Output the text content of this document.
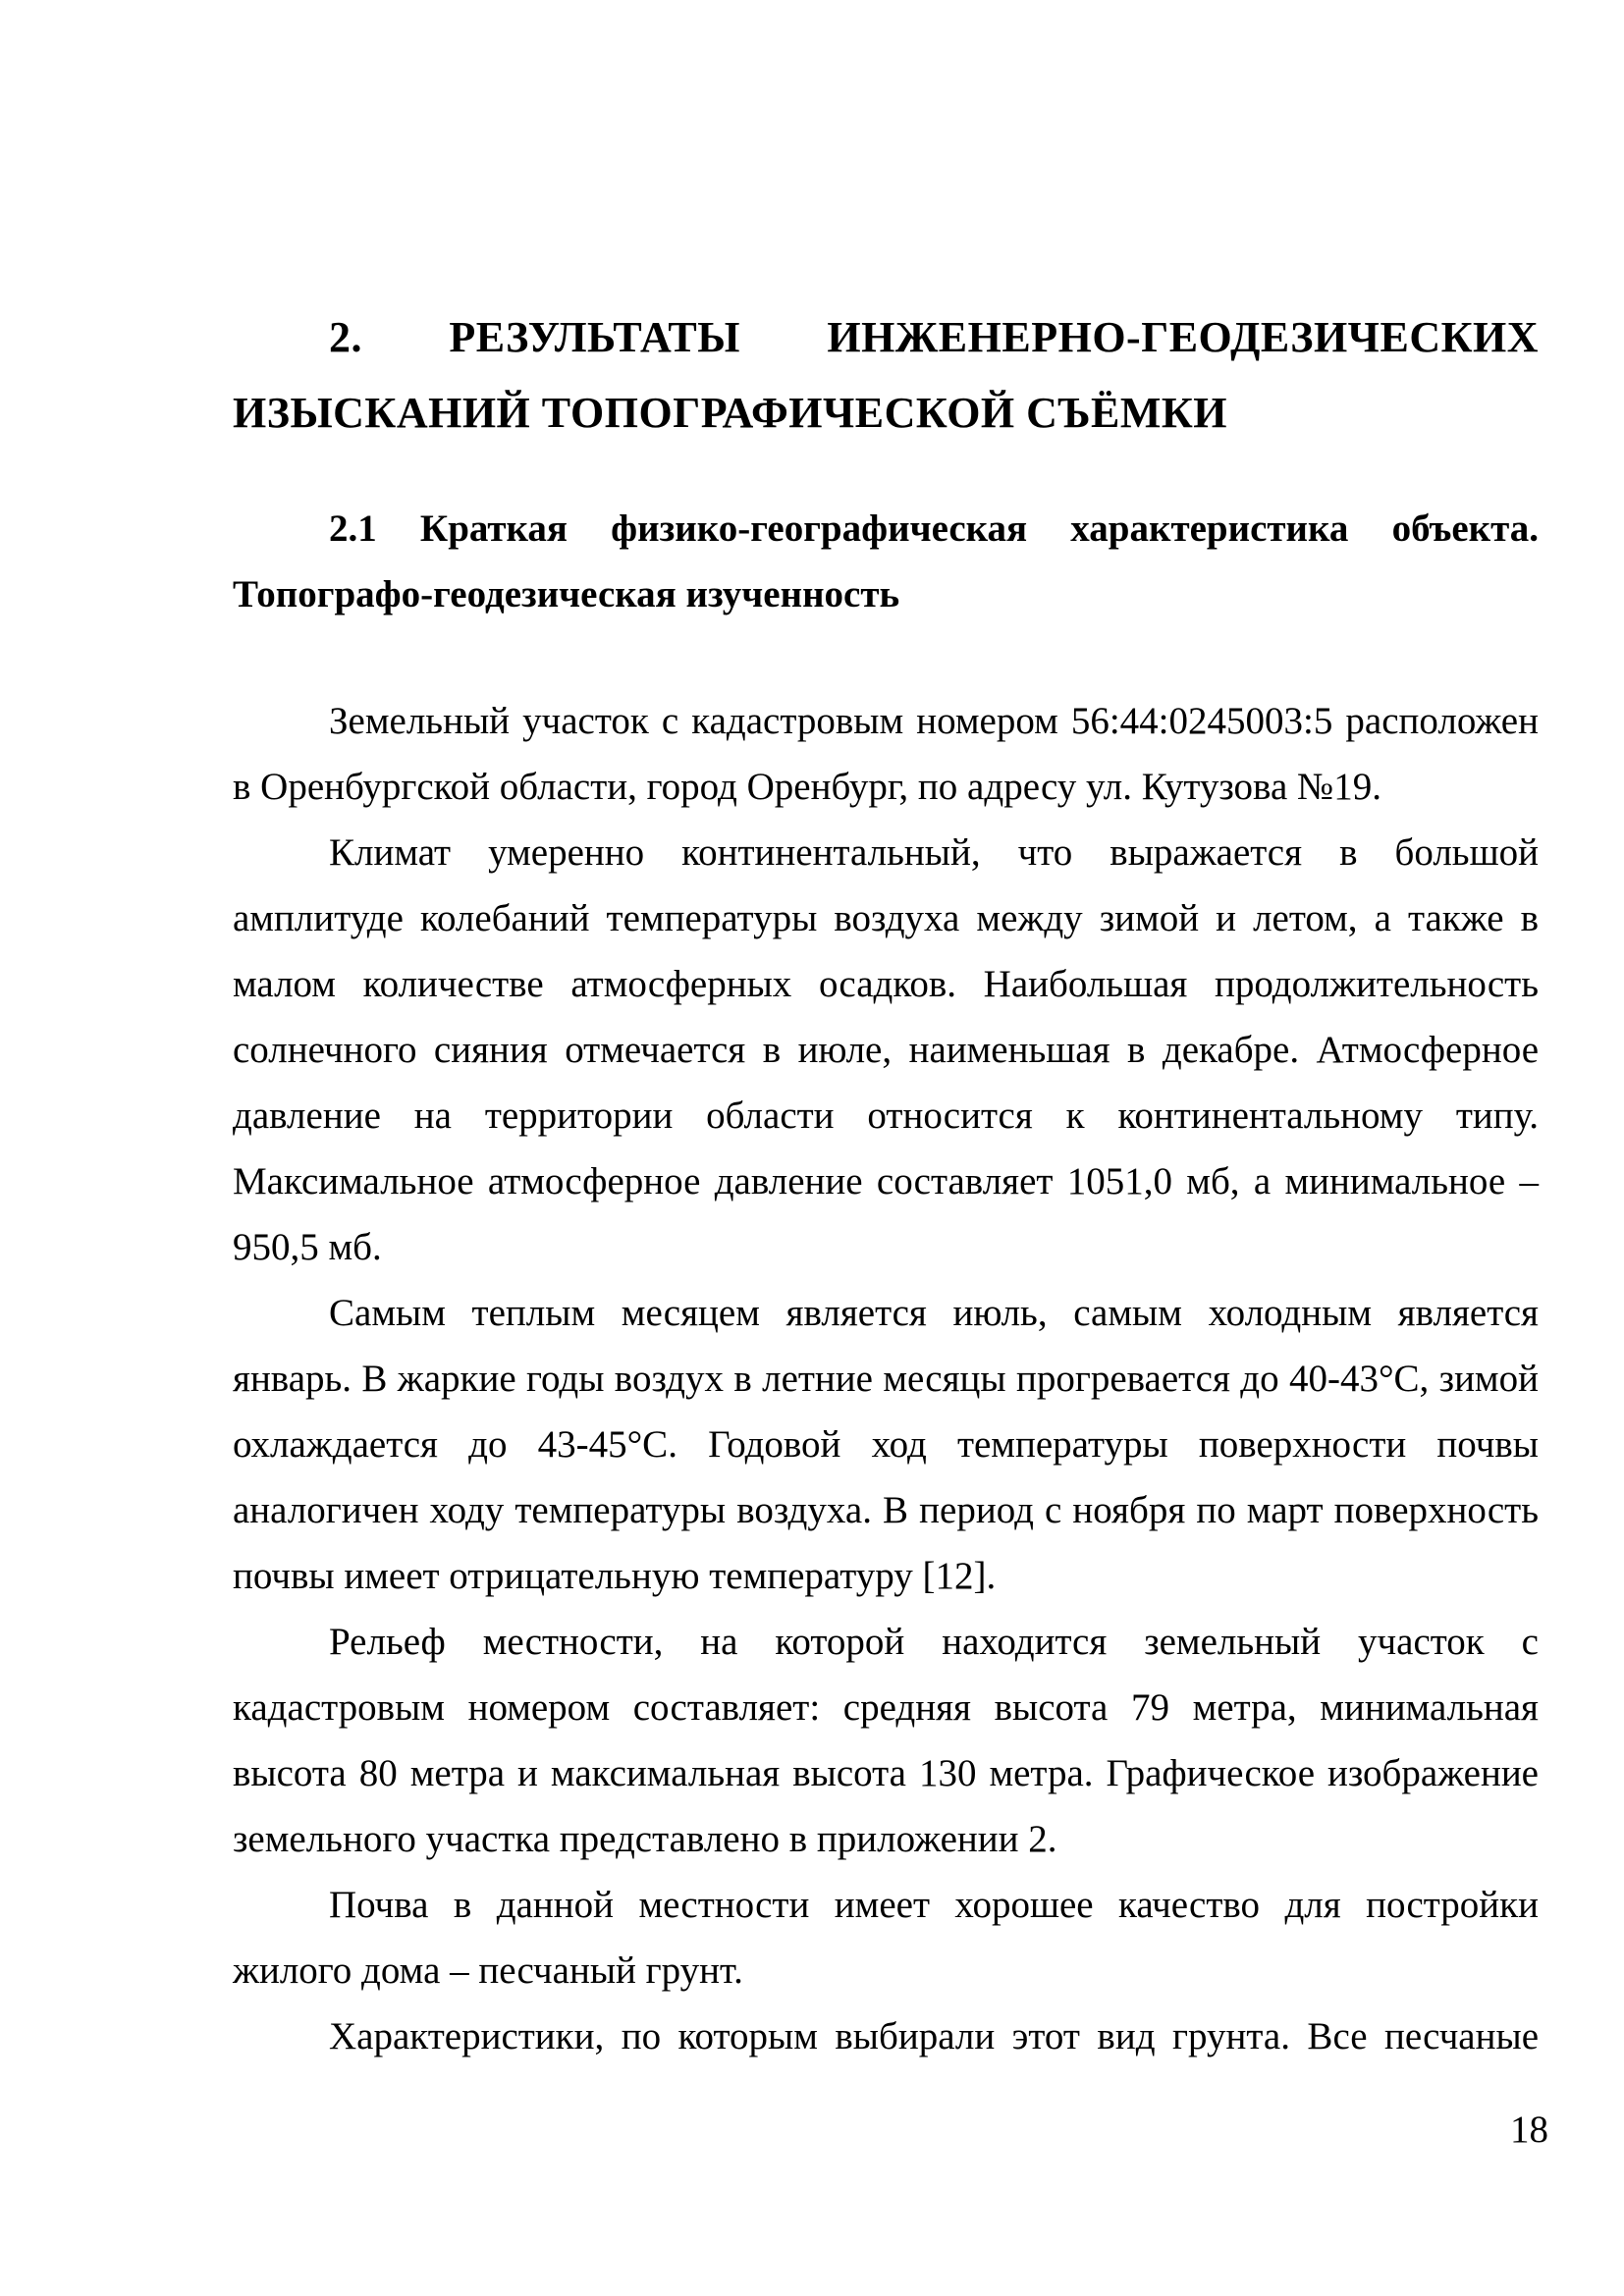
2. РЕЗУЛЬТАТЫ ИНЖЕНЕРНО-ГЕОДЕЗИЧЕСКИХ ИЗЫСКАНИЙ ТОПОГРАФИЧЕСКОЙ СЪЁМКИ
2.1 Краткая физико-географическая характеристика объекта. Топографо-геодезическая изученность

Земельный участок с кадастровым номером 56:44:0245003:5 расположен в Оренбургской области, город Оренбург, по адресу ул. Кутузова №19.

Климат умеренно континентальный, что выражается в большой амплитуде колебаний температуры воздуха между зимой и летом, а также в малом количестве атмосферных осадков. Наибольшая продолжительность солнечного сияния отмечается в июле, наименьшая в декабре. Атмосферное давление на территории области относится к континентальному типу. Максимальное атмосферное давление составляет 1051,0 мб, а минимальное – 950,5 мб.

Самым теплым месяцем является июль, самым холодным является январь. В жаркие годы воздух в летние месяцы прогревается до 40-43°С, зимой охлаждается до 43-45°С. Годовой ход температуры поверхности почвы аналогичен ходу температуры воздуха. В период с ноября по март поверхность почвы имеет отрицательную температуру [12].

Рельеф местности, на которой находится земельный участок с кадастровым номером составляет: средняя высота 79 метра, минимальная высота 80 метра и максимальная высота 130 метра. Графическое изображение земельного участка представлено в приложении 2.

Почва в данной местности имеет хорошее качество для постройки жилого дома – песчаный грунт.

Характеристики, по которым выбирали этот вид грунта. Все песчаные

18
